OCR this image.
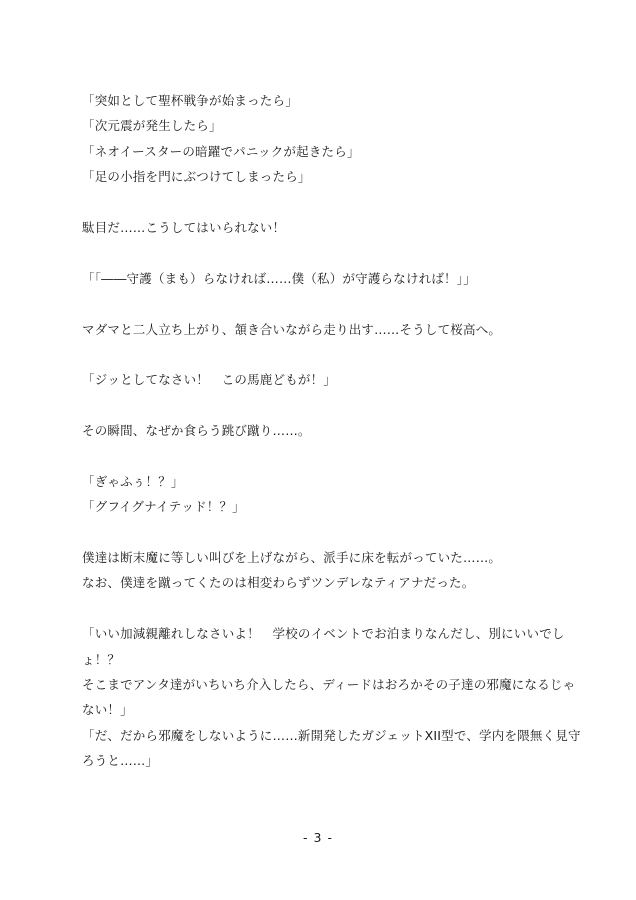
「突如として聖杯戦争が始まったら」
「次元震が発生したら」
「ネオイースターの暗躍でパニックが起きたら」
「足の小指を門にぶつけてしまったら」
駄目だ……こうしてはいられない！
「「――守護（まも）らなければ……僕（私）が守護らなければ！」」
マダマと二人立ち上がり、頷き合いながら走り出す……そうして桜高へ。
「ジッとしてなさい！　この馬鹿どもが！」
その瞬間、なぜか食らう跳び蹴り……。
「ぎゃふぅ！？」
「グフイグナイテッド！？」
僕達は断末魔に等しい叫びを上げながら、派手に床を転がっていた……。
なお、僕達を蹴ってくたのは相変わらずツンデレなティアナだった。
「いい加減親離れしなさいよ！　学校のイベントでお泊まりなんだし、別にいいでし
ょ！？
そこまでアンタ達がいちいち介入したら、ディードはおろかその子達の邪魔になるじゃ
ない！」
「だ、だから邪魔をしないように……新開発したガジェットXII型で、学内を隈無く見守
ろうと……」
- 3 -
